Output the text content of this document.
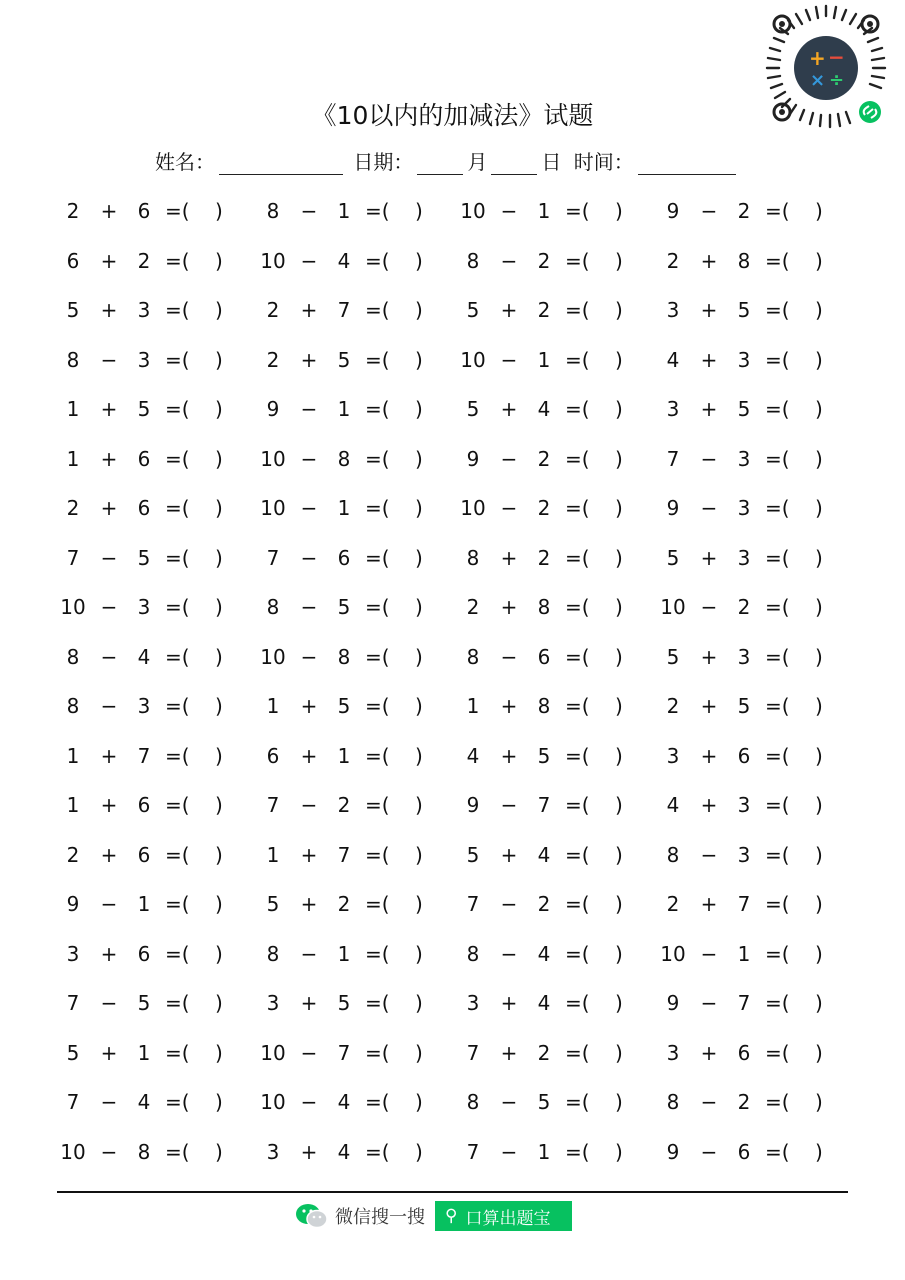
《10以内的加减法》试题
姓名：	日期：	月	日 时间：
+ −
× ÷
2	+	6 =(    )	8	−	1 =(    )	10 −	1 =(    )	9	−	2 =(    )
6	+	2 =(    )	10 −	4 =(    )	8	−	2 =(    )	2	+	8 =(    )
5	+	3 =(    )	2	+	7 =(    )	5	+	2 =(    )	3	+	5 =(    )
8	−	3 =(    )	2	+	5 =(    )	10 −	1 =(    )	4	+	3 =(    )
1	+	5 =(    )	9	−	1 =(    )	5	+	4 =(    )	3	+	5 =(    )
1	+	6 =(    )	10 −	8 =(    )	9	−	2 =(    )	7	−	3 =(    )
2	+	6 =(    )	10 −	1 =(    )	10 −	2 =(    )	9	−	3 =(    )
7	−	5 =(    )	7	−	6 =(    )	8	+	2 =(    )	5	+	3 =(    )
10 −	3 =(    )	8	−	5 =(    )	2	+	8 =(    )	10 −	2 =(    )
8	−	4 =(    )	10 −	8 =(    )	8	−	6 =(    )	5	+	3 =(    )
8	−	3 =(    )	1	+	5 =(    )	1	+	8 =(    )	2	+	5 =(    )
1	+	7 =(    )	6	+	1 =(    )	4	+	5 =(    )	3	+	6 =(    )
1	+	6 =(    )	7	−	2 =(    )	9	−	7 =(    )	4	+	3 =(    )
2	+	6 =(    )	1	+	7 =(    )	5	+	4 =(    )	8	−	3 =(    )
9	−	1 =(    )	5	+	2 =(    )	7	−	2 =(    )	2	+	7 =(    )
3	+	6 =(    )	8	−	1 =(    )	8	−	4 =(    )	10 −	1 =(    )
7	−	5 =(    )	3	+	5 =(    )	3	+	4 =(    )	9	−	7 =(    )
5	+	1 =(    )	10 −	7 =(    )	7	+	2 =(    )	3	+	6 =(    )
7	−	4 =(    )	10 −	4 =(    )	8	−	5 =(    )	8	−	2 =(    )
10 −	8 =(    )	3	+	4 =(    )	7	−	1 =(    )	9	−	6 =(    )
微信搜一搜 ⚲ 口算出题宝
